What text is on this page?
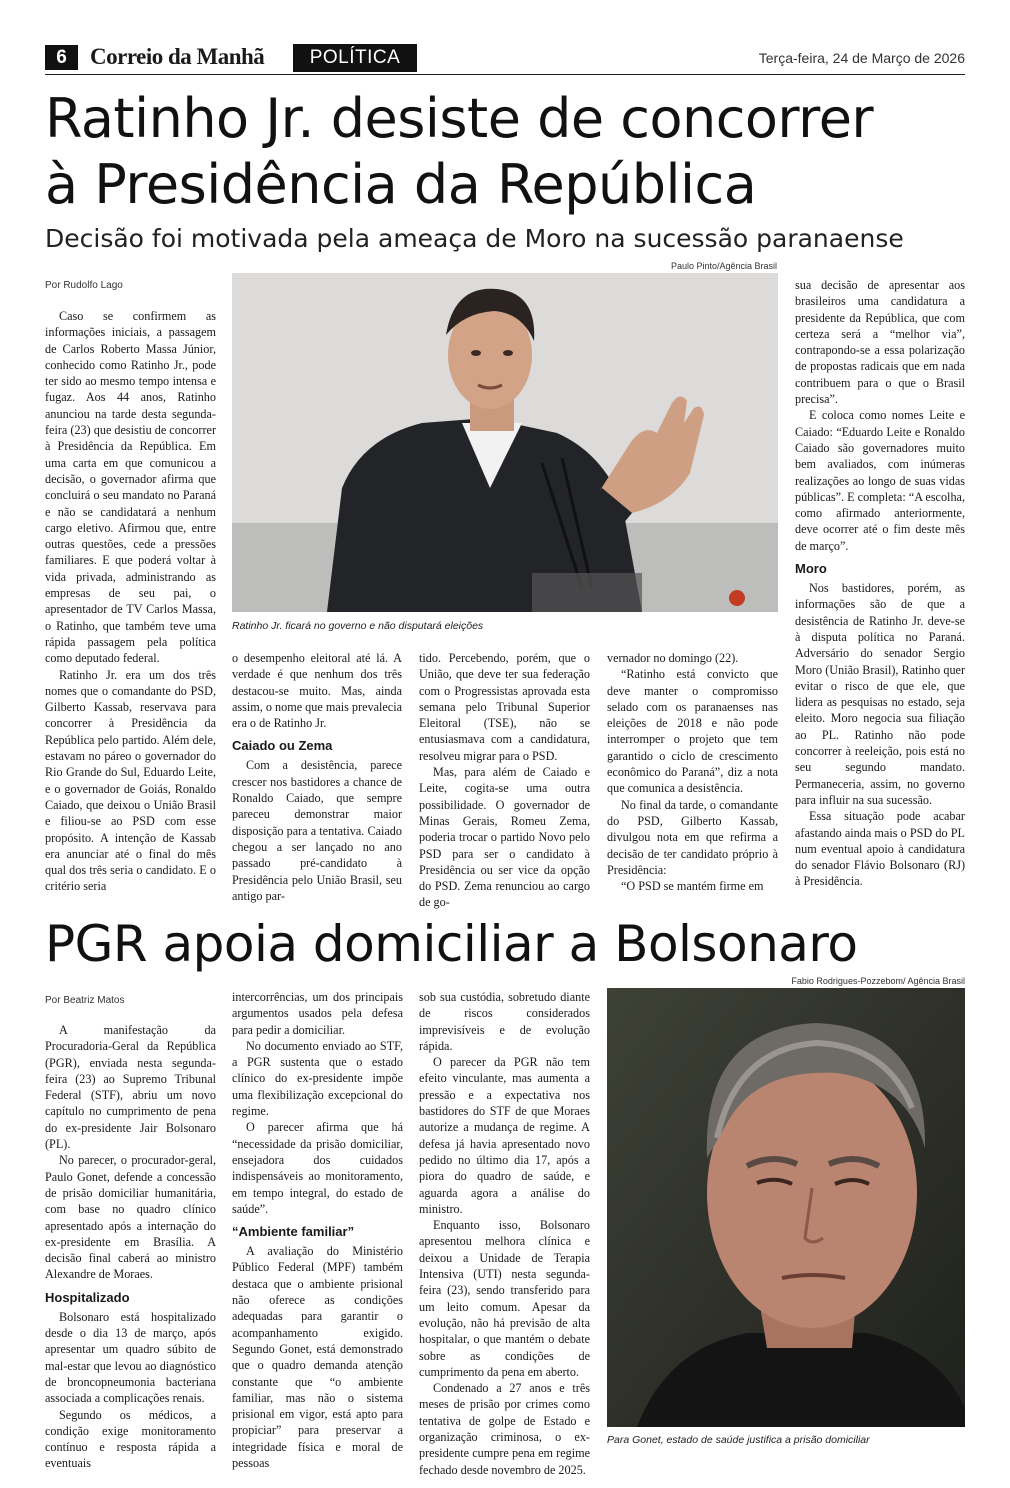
6	Correio da Manhã	POLÍTICA	Terça-feira, 24 de Março de 2026
Ratinho Jr. desiste de concorrer
à Presidência da República
Decisão foi motivada pela ameaça de Moro na sucessão paranaense
Por Rudolfo Lago
Paulo Pinto/Agência Brasil
Ratinho Jr. ficará no governo e não disputará eleições

Caso se confirmem as informações iniciais, a passagem de Carlos Roberto Massa Júnior, conhecido como Ratinho Jr., pode ter sido ao mesmo tempo intensa e fugaz. Aos 44 anos, Ratinho anunciou na tarde desta segunda-feira (23) que desistiu de concorrer à Presidência da República. Em uma carta em que comunicou a decisão, o governador afirma que concluirá o seu mandato no Paraná e não se candidatará a nenhum cargo eletivo. Afirmou que, entre outras questões, cede a pressões familiares. E que poderá voltar à vida privada, administrando as empresas de seu pai, o apresentador de TV Carlos Massa, o Ratinho, que também teve uma rápida passagem pela política como deputado federal.

Ratinho Jr. era um dos três nomes que o comandante do PSD, Gilberto Kassab, reservava para concorrer à Presidência da República pelo partido. Além dele, estavam no páreo o governador do Rio Grande do Sul, Eduardo Leite, e o governador de Goiás, Ronaldo Caiado, que deixou o União Brasil e filiou-se ao PSD com esse propósito. A intenção de Kassab era anunciar até o final do mês qual dos três seria o candidato. E o critério seria

o desempenho eleitoral até lá. A verdade é que nenhum dos três destacou-se muito. Mas, ainda assim, o nome que mais prevalecia era o de Ratinho Jr.

Caiado ou Zema

Com a desistência, parece crescer nos bastidores a chance de Ronaldo Caiado, que sempre pareceu demonstrar maior disposição para a tentativa. Caiado chegou a ser lançado no ano passado pré-candidato à Presidência pelo União Brasil, seu antigo par-

tido. Percebendo, porém, que o União, que deve ter sua federação com o Progressistas aprovada esta semana pelo Tribunal Superior Eleitoral (TSE), não se entusiasmava com a candidatura, resolveu migrar para o PSD.

Mas, para além de Caiado e Leite, cogita-se uma outra possibilidade. O governador de Minas Gerais, Romeu Zema, poderia trocar o partido Novo pelo PSD para ser o candidato à Presidência ou ser vice da opção do PSD. Zema renunciou ao cargo de go-

vernador no domingo (22).

“Ratinho está convicto que deve manter o compromisso selado com os paranaenses nas eleições de 2018 e não pode interromper o projeto que tem garantido o ciclo de crescimento econômico do Paraná”, diz a nota que comunica a desistência.

No final da tarde, o comandante do PSD, Gilberto Kassab, divulgou nota em que refirma a decisão de ter candidato próprio à Presidência:

“O PSD se mantém firme em

sua decisão de apresentar aos brasileiros uma candidatura a presidente da República, que com certeza será a “melhor via”, contrapondo-se a essa polarização de propostas radicais que em nada contribuem para o que o Brasil precisa”.

E coloca como nomes Leite e Caiado: “Eduardo Leite e Ronaldo Caiado são governadores muito bem avaliados, com inúmeras realizações ao longo de suas vidas públicas”. E completa: “A escolha, como afirmado anteriormente, deve ocorrer até o fim deste mês de março”.

Moro

Nos bastidores, porém, as informações são de que a desistência de Ratinho Jr. deve-se à disputa política no Paraná. Adversário do senador Sergio Moro (União Brasil), Ratinho quer evitar o risco de que ele, que lidera as pesquisas no estado, seja eleito. Moro negocia sua filiação ao PL. Ratinho não pode concorrer à reeleição, pois está no seu segundo mandato. Permaneceria, assim, no governo para influir na sua sucessão.

Essa situação pode acabar afastando ainda mais o PSD do PL num eventual apoio à candidatura do senador Flávio Bolsonaro (RJ) à Presidência.

PGR apoia domiciliar a Bolsonaro
Por Beatriz Matos
Fabio Rodrigues-Pozzebom/ Agência Brasil

A manifestação da Procuradoria-Geral da República (PGR), enviada nesta segunda-feira (23) ao Supremo Tribunal Federal (STF), abriu um novo capítulo no cumprimento de pena do ex-presidente Jair Bolsonaro (PL).

No parecer, o procurador-geral, Paulo Gonet, defende a concessão de prisão domiciliar humanitária, com base no quadro clínico apresentado após a internação do ex-presidente em Brasília. A decisão final caberá ao ministro Alexandre de Moraes.

Hospitalizado

Bolsonaro está hospitalizado desde o dia 13 de março, após apresentar um quadro súbito de mal-estar que levou ao diagnóstico de broncopneumonia bacteriana associada a complicações renais.

Segundo os médicos, a condição exige monitoramento contínuo e resposta rápida a eventuais

intercorrências, um dos principais argumentos usados pela defesa para pedir a domiciliar.

No documento enviado ao STF, a PGR sustenta que o estado clínico do ex-presidente impõe uma flexibilização excepcional do regime.

O parecer afirma que há “necessidade da prisão domiciliar, ensejadora dos cuidados indispensáveis ao monitoramento, em tempo integral, do estado de saúde”.

“Ambiente familiar”

A avaliação do Ministério Público Federal (MPF) também destaca que o ambiente prisional não oferece as condições adequadas para garantir o acompanhamento exigido. Segundo Gonet, está demonstrado que o quadro demanda atenção constante que “o ambiente familiar, mas não o sistema prisional em vigor, está apto para propiciar” para preservar a integridade física e moral de pessoas

sob sua custódia, sobretudo diante de riscos considerados imprevisíveis e de evolução rápida.

O parecer da PGR não tem efeito vinculante, mas aumenta a pressão e a expectativa nos bastidores do STF de que Moraes autorize a mudança de regime. A defesa já havia apresentado novo pedido no último dia 17, após a piora do quadro de saúde, e aguarda agora a análise do ministro.

Enquanto isso, Bolsonaro apresentou melhora clínica e deixou a Unidade de Terapia Intensiva (UTI) nesta segunda-feira (23), sendo transferido para um leito comum. Apesar da evolução, não há previsão de alta hospitalar, o que mantém o debate sobre as condições de cumprimento da pena em aberto.

Condenado a 27 anos e três meses de prisão por crimes como tentativa de golpe de Estado e organização criminosa, o ex-presidente cumpre pena em regime fechado desde novembro de 2025.

Para Gonet, estado de saúde justifica a prisão domiciliar
